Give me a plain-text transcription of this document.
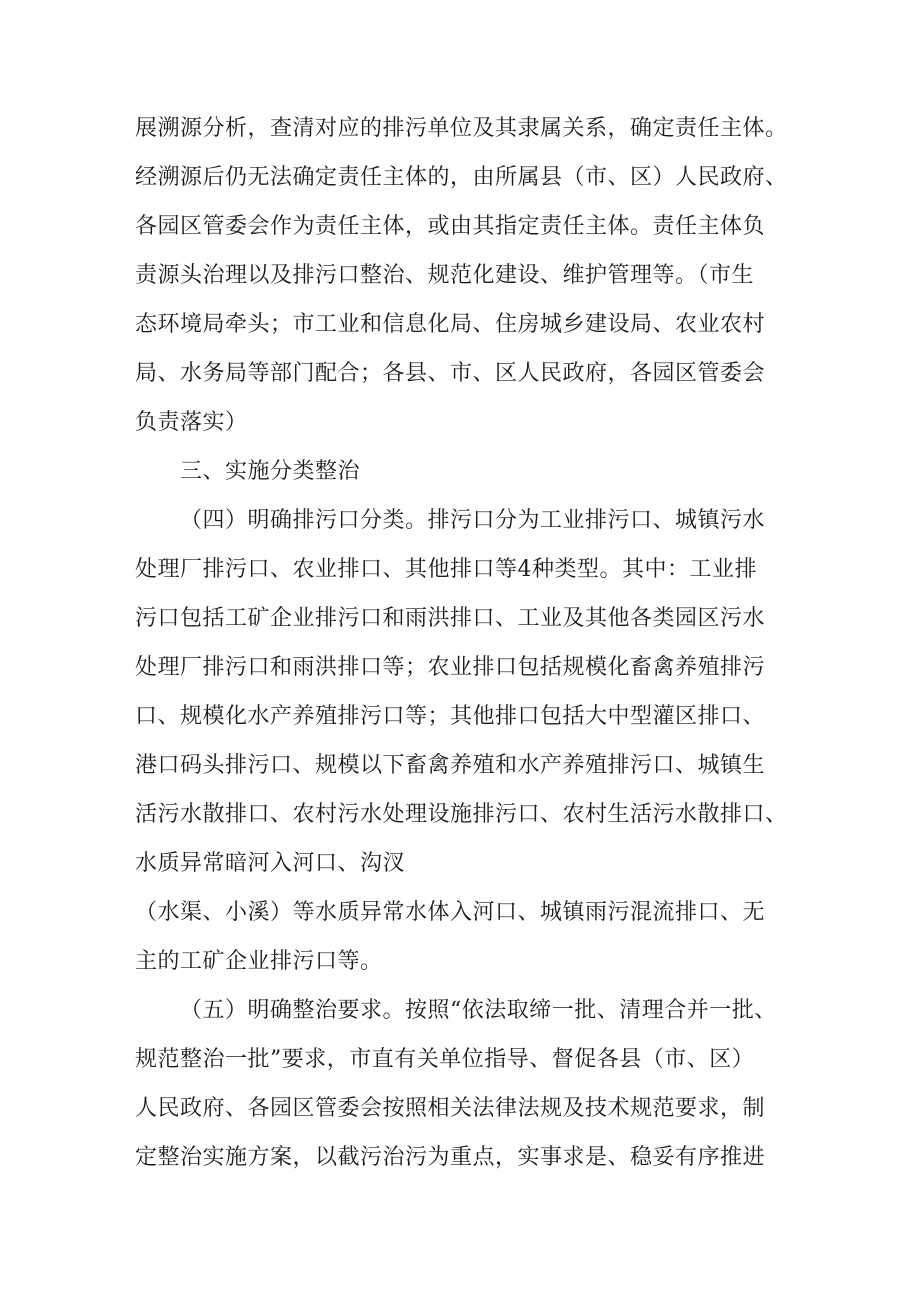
展溯源分析，查清对应的排污单位及其隶属关系，确定责任主体。

经溯源后仍无法确定责任主体的，由所属县（市、区）人民政府、

各园区管委会作为责任主体，或由其指定责任主体。责任主体负

责源头治理以及排污口整治、规范化建设、维护管理等。（市生

态环境局牵头；市工业和信息化局、住房城乡建设局、农业农村

局、水务局等部门配合；各县、市、区人民政府，各园区管委会

负责落实）

三、实施分类整治

（四）明确排污口分类。排污口分为工业排污口、城镇污水

处理厂排污口、农业排口、其他排口等4种类型。其中：工业排

污口包括工矿企业排污口和雨洪排口、工业及其他各类园区污水

处理厂排污口和雨洪排口等；农业排口包括规模化畜禽养殖排污

口、规模化水产养殖排污口等；其他排口包括大中型灌区排口、

港口码头排污口、规模以下畜禽养殖和水产养殖排污口、城镇生

活污水散排口、农村污水处理设施排污口、农村生活污水散排口、

水质异常暗河入河口、沟汊

（水渠、小溪）等水质异常水体入河口、城镇雨污混流排口、无

主的工矿企业排污口等。

（五）明确整治要求。按照“依法取缔一批、清理合并一批、

规范整治一批”要求，市直有关单位指导、督促各县（市、区）

人民政府、各园区管委会按照相关法律法规及技术规范要求，制

定整治实施方案，以截污治污为重点，实事求是、稳妥有序推进
